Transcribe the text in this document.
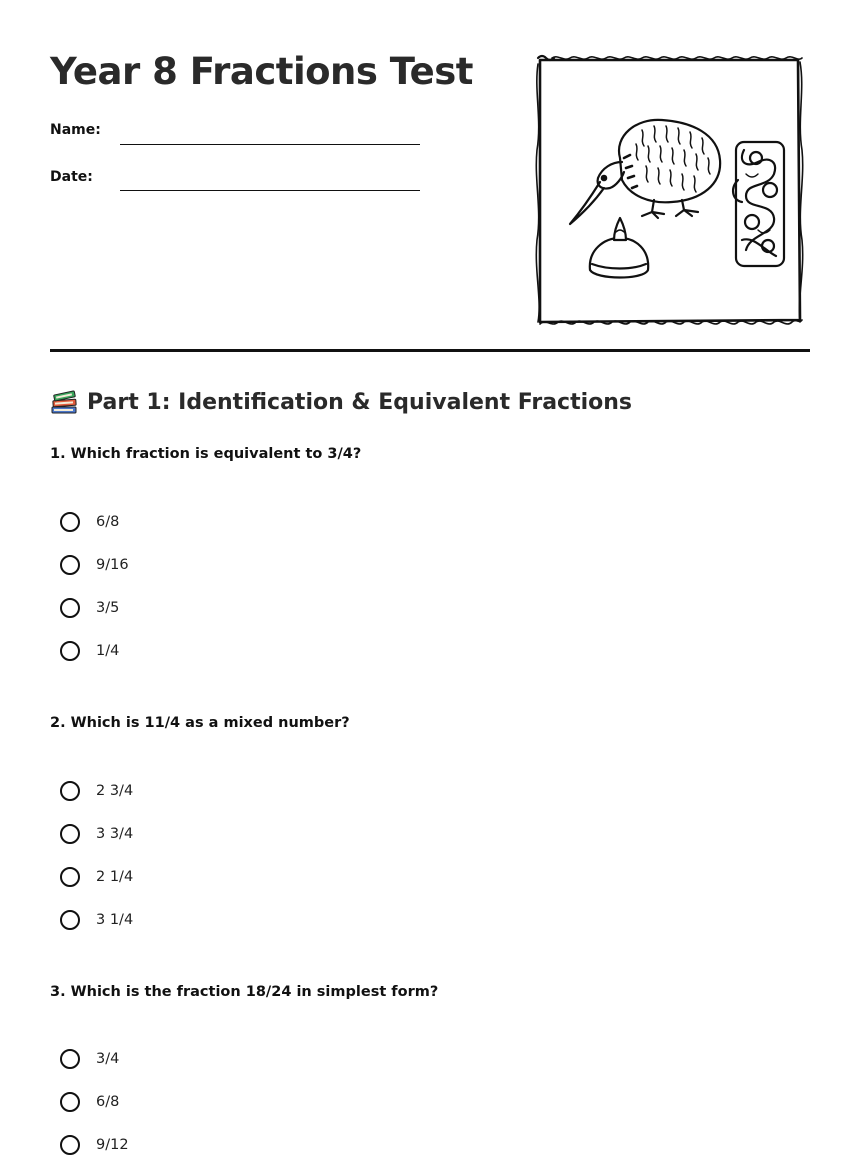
Year 8 Fractions Test
Name:
Date:
Part 1: Identification & Equivalent Fractions
1. Which fraction is equivalent to 3/4?
6/8
9/16
3/5
1/4
2. Which is 11/4 as a mixed number?
2 3/4
3 3/4
2 1/4
3 1/4
3. Which is the fraction 18/24 in simplest form?
3/4
6/8
9/12
